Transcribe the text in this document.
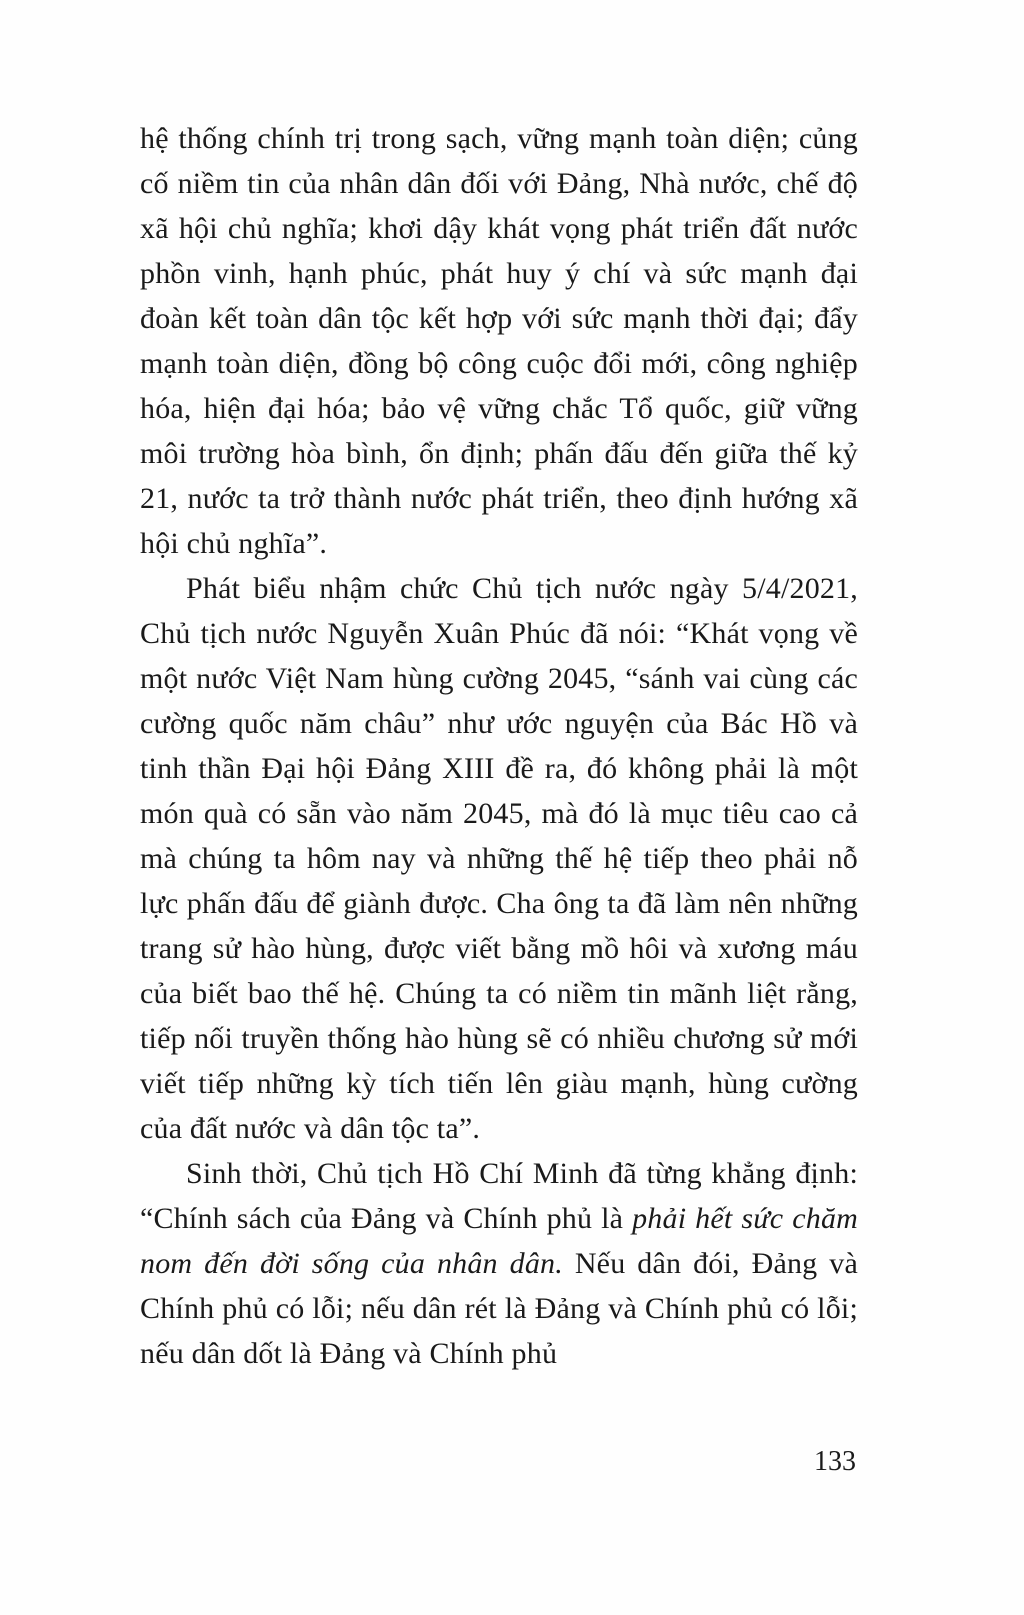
hệ thống chính trị trong sạch, vững mạnh toàn diện; củng cố niềm tin của nhân dân đối với Đảng, Nhà nước, chế độ xã hội chủ nghĩa; khơi dậy khát vọng phát triển đất nước phồn vinh, hạnh phúc, phát huy ý chí và sức mạnh đại đoàn kết toàn dân tộc kết hợp với sức mạnh thời đại; đẩy mạnh toàn diện, đồng bộ công cuộc đổi mới, công nghiệp hóa, hiện đại hóa; bảo vệ vững chắc Tổ quốc, giữ vững môi trường hòa bình, ổn định; phấn đấu đến giữa thế kỷ 21, nước ta trở thành nước phát triển, theo định hướng xã hội chủ nghĩa”.

Phát biểu nhậm chức Chủ tịch nước ngày 5/4/2021, Chủ tịch nước Nguyễn Xuân Phúc đã nói: “Khát vọng về một nước Việt Nam hùng cường 2045, “sánh vai cùng các cường quốc năm châu” như ước nguyện của Bác Hồ và tinh thần Đại hội Đảng XIII đề ra, đó không phải là một món quà có sẵn vào năm 2045, mà đó là mục tiêu cao cả mà chúng ta hôm nay và những thế hệ tiếp theo phải nỗ lực phấn đấu để giành được. Cha ông ta đã làm nên những trang sử hào hùng, được viết bằng mồ hôi và xương máu của biết bao thế hệ. Chúng ta có niềm tin mãnh liệt rằng, tiếp nối truyền thống hào hùng sẽ có nhiều chương sử mới viết tiếp những kỳ tích tiến lên giàu mạnh, hùng cường của đất nước và dân tộc ta”.

Sinh thời, Chủ tịch Hồ Chí Minh đã từng khẳng định: “Chính sách của Đảng và Chính phủ là phải hết sức chăm nom đến đời sống của nhân dân. Nếu dân đói, Đảng và Chính phủ có lỗi; nếu dân rét là Đảng và Chính phủ có lỗi; nếu dân dốt là Đảng và Chính phủ

133
